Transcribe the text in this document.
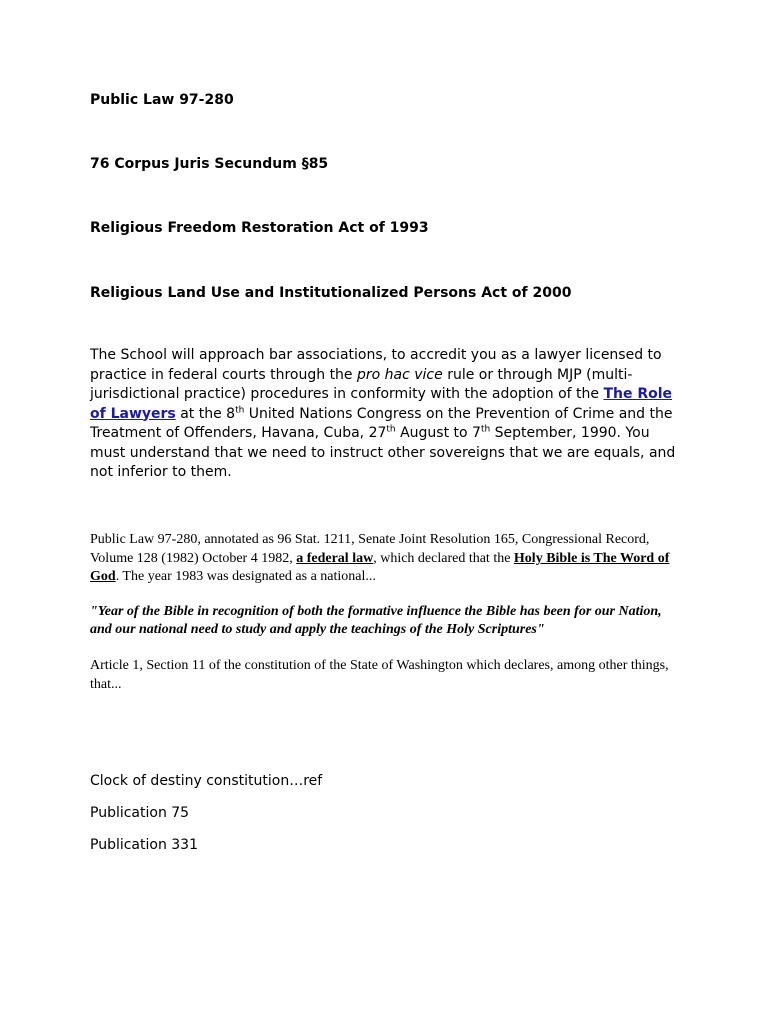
Public Law 97-280
76 Corpus Juris Secundum §85
Religious Freedom Restoration Act of 1993
Religious Land Use and Institutionalized Persons Act of 2000
The School will approach bar associations, to accredit you as a lawyer licensed to practice in federal courts through the pro hac vice rule or through MJP (multi-jurisdictional practice) procedures in conformity with the adoption of the The Role of Lawyers at the 8th United Nations Congress on the Prevention of Crime and the Treatment of Offenders, Havana, Cuba, 27th August to 7th September, 1990. You must understand that we need to instruct other sovereigns that we are equals, and not inferior to them.
Public Law 97-280, annotated as 96 Stat. 1211, Senate Joint Resolution 165, Congressional Record, Volume 128 (1982) October 4 1982, a federal law, which declared that the Holy Bible is The Word of God. The year 1983 was designated as a national...
"Year of the Bible in recognition of both the formative influence the Bible has been for our Nation, and our national need to study and apply the teachings of the Holy Scriptures"
Article 1, Section 11 of the constitution of the State of Washington which declares, among other things, that...
Clock of destiny constitution…ref
Publication 75
Publication 331
